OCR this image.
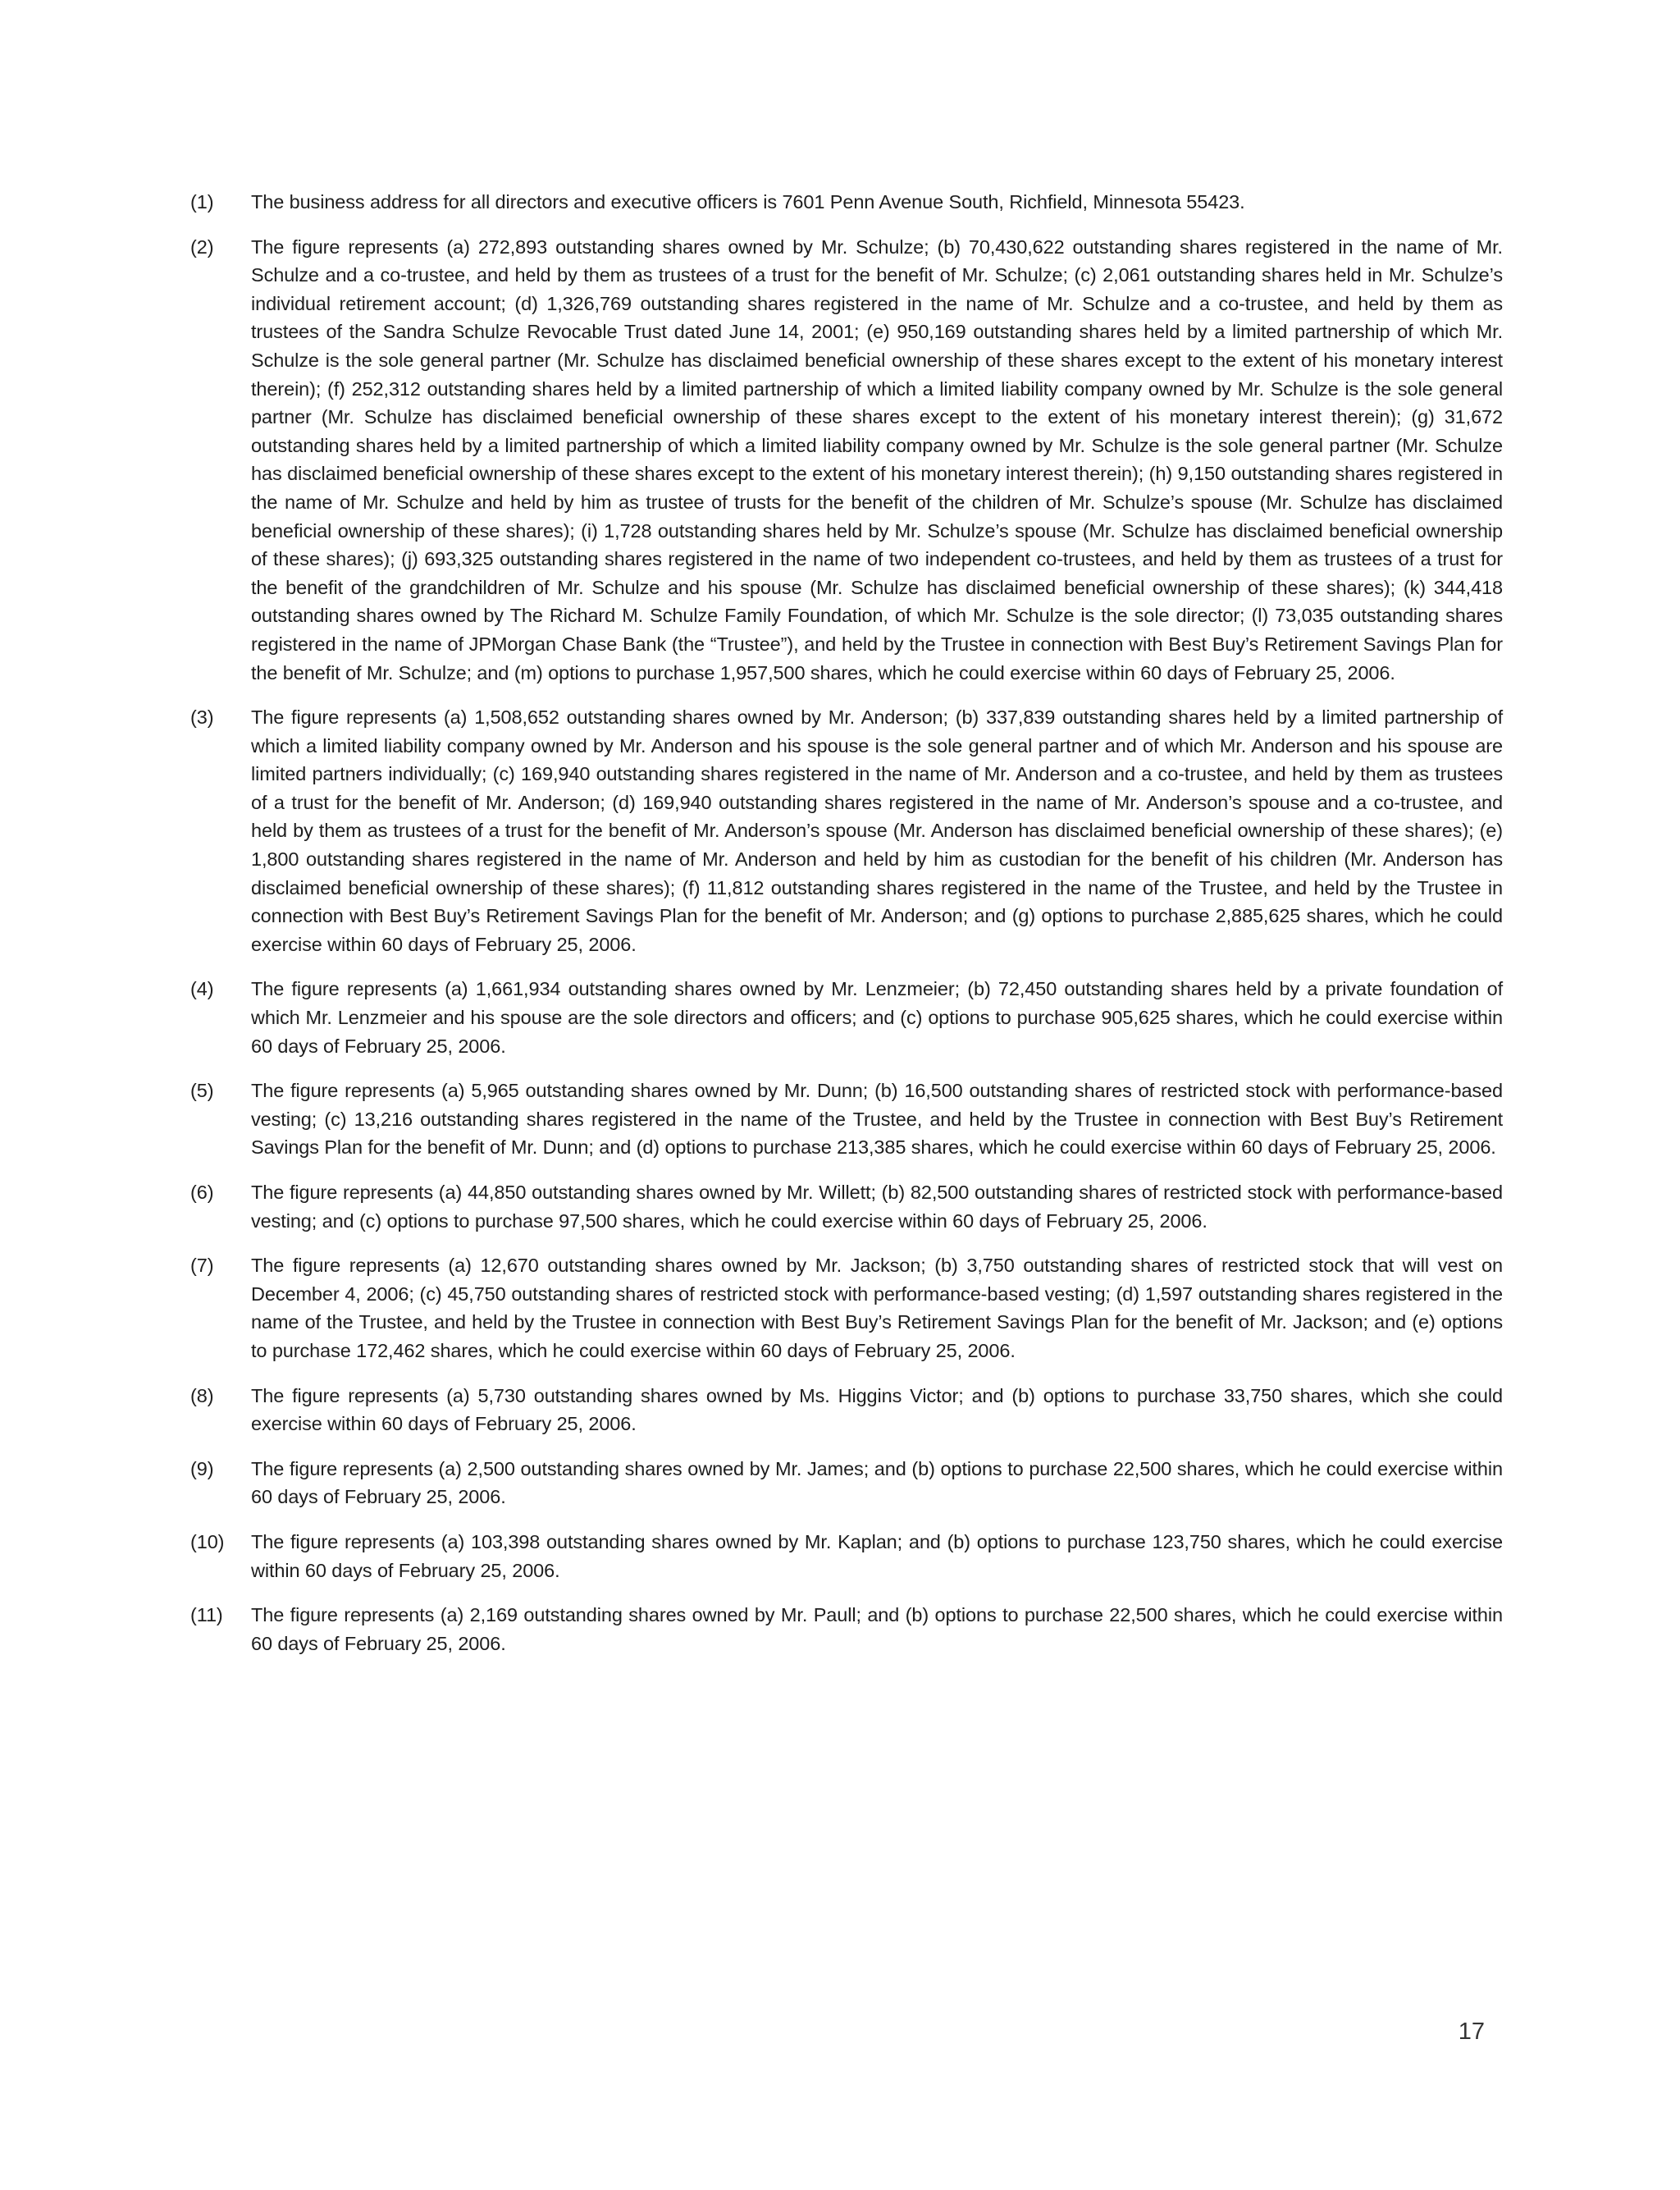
(1)	The business address for all directors and executive officers is 7601 Penn Avenue South, Richfield, Minnesota 55423.
(2)	The figure represents (a) 272,893 outstanding shares owned by Mr. Schulze; (b) 70,430,622 outstanding shares registered in the name of Mr. Schulze and a co-trustee, and held by them as trustees of a trust for the benefit of Mr. Schulze; (c) 2,061 outstanding shares held in Mr. Schulze’s individual retirement account; (d) 1,326,769 outstanding shares registered in the name of Mr. Schulze and a co-trustee, and held by them as trustees of the Sandra Schulze Revocable Trust dated June 14, 2001; (e) 950,169 outstanding shares held by a limited partnership of which Mr. Schulze is the sole general partner (Mr. Schulze has disclaimed beneficial ownership of these shares except to the extent of his monetary interest therein); (f) 252,312 outstanding shares held by a limited partnership of which a limited liability company owned by Mr. Schulze is the sole general partner (Mr. Schulze has disclaimed beneficial ownership of these shares except to the extent of his monetary interest therein); (g) 31,672 outstanding shares held by a limited partnership of which a limited liability company owned by Mr. Schulze is the sole general partner (Mr. Schulze has disclaimed beneficial ownership of these shares except to the extent of his monetary interest therein); (h) 9,150 outstanding shares registered in the name of Mr. Schulze and held by him as trustee of trusts for the benefit of the children of Mr. Schulze’s spouse (Mr. Schulze has disclaimed beneficial ownership of these shares); (i) 1,728 outstanding shares held by Mr. Schulze’s spouse (Mr. Schulze has disclaimed beneficial ownership of these shares); (j) 693,325 outstanding shares registered in the name of two independent co-trustees, and held by them as trustees of a trust for the benefit of the grandchildren of Mr. Schulze and his spouse (Mr. Schulze has disclaimed beneficial ownership of these shares); (k) 344,418 outstanding shares owned by The Richard M. Schulze Family Foundation, of which Mr. Schulze is the sole director; (l) 73,035 outstanding shares registered in the name of JPMorgan Chase Bank (the “Trustee”), and held by the Trustee in connection with Best Buy’s Retirement Savings Plan for the benefit of Mr. Schulze; and (m) options to purchase 1,957,500 shares, which he could exercise within 60 days of February 25, 2006.
(3)	The figure represents (a) 1,508,652 outstanding shares owned by Mr. Anderson; (b) 337,839 outstanding shares held by a limited partnership of which a limited liability company owned by Mr. Anderson and his spouse is the sole general partner and of which Mr. Anderson and his spouse are limited partners individually; (c) 169,940 outstanding shares registered in the name of Mr. Anderson and a co-trustee, and held by them as trustees of a trust for the benefit of Mr. Anderson; (d) 169,940 outstanding shares registered in the name of Mr. Anderson’s spouse and a co-trustee, and held by them as trustees of a trust for the benefit of Mr. Anderson’s spouse (Mr. Anderson has disclaimed beneficial ownership of these shares); (e) 1,800 outstanding shares registered in the name of Mr. Anderson and held by him as custodian for the benefit of his children (Mr. Anderson has disclaimed beneficial ownership of these shares); (f) 11,812 outstanding shares registered in the name of the Trustee, and held by the Trustee in connection with Best Buy’s Retirement Savings Plan for the benefit of Mr. Anderson; and (g) options to purchase 2,885,625 shares, which he could exercise within 60 days of February 25, 2006.
(4)	The figure represents (a) 1,661,934 outstanding shares owned by Mr. Lenzmeier; (b) 72,450 outstanding shares held by a private foundation of which Mr. Lenzmeier and his spouse are the sole directors and officers; and (c) options to purchase 905,625 shares, which he could exercise within 60 days of February 25, 2006.
(5)	The figure represents (a) 5,965 outstanding shares owned by Mr. Dunn; (b) 16,500 outstanding shares of restricted stock with performance-based vesting; (c) 13,216 outstanding shares registered in the name of the Trustee, and held by the Trustee in connection with Best Buy’s Retirement Savings Plan for the benefit of Mr. Dunn; and (d) options to purchase 213,385 shares, which he could exercise within 60 days of February 25, 2006.
(6)	The figure represents (a) 44,850 outstanding shares owned by Mr. Willett; (b) 82,500 outstanding shares of restricted stock with performance-based vesting; and (c) options to purchase 97,500 shares, which he could exercise within 60 days of February 25, 2006.
(7)	The figure represents (a) 12,670 outstanding shares owned by Mr. Jackson; (b) 3,750 outstanding shares of restricted stock that will vest on December 4, 2006; (c) 45,750 outstanding shares of restricted stock with performance-based vesting; (d) 1,597 outstanding shares registered in the name of the Trustee, and held by the Trustee in connection with Best Buy’s Retirement Savings Plan for the benefit of Mr. Jackson; and (e) options to purchase 172,462 shares, which he could exercise within 60 days of February 25, 2006.
(8)	The figure represents (a) 5,730 outstanding shares owned by Ms. Higgins Victor; and (b) options to purchase 33,750 shares, which she could exercise within 60 days of February 25, 2006.
(9)	The figure represents (a) 2,500 outstanding shares owned by Mr. James; and (b) options to purchase 22,500 shares, which he could exercise within 60 days of February 25, 2006.
(10)	The figure represents (a) 103,398 outstanding shares owned by Mr. Kaplan; and (b) options to purchase 123,750 shares, which he could exercise within 60 days of February 25, 2006.
(11)	The figure represents (a) 2,169 outstanding shares owned by Mr. Paull; and (b) options to purchase 22,500 shares, which he could exercise within 60 days of February 25, 2006.
17
